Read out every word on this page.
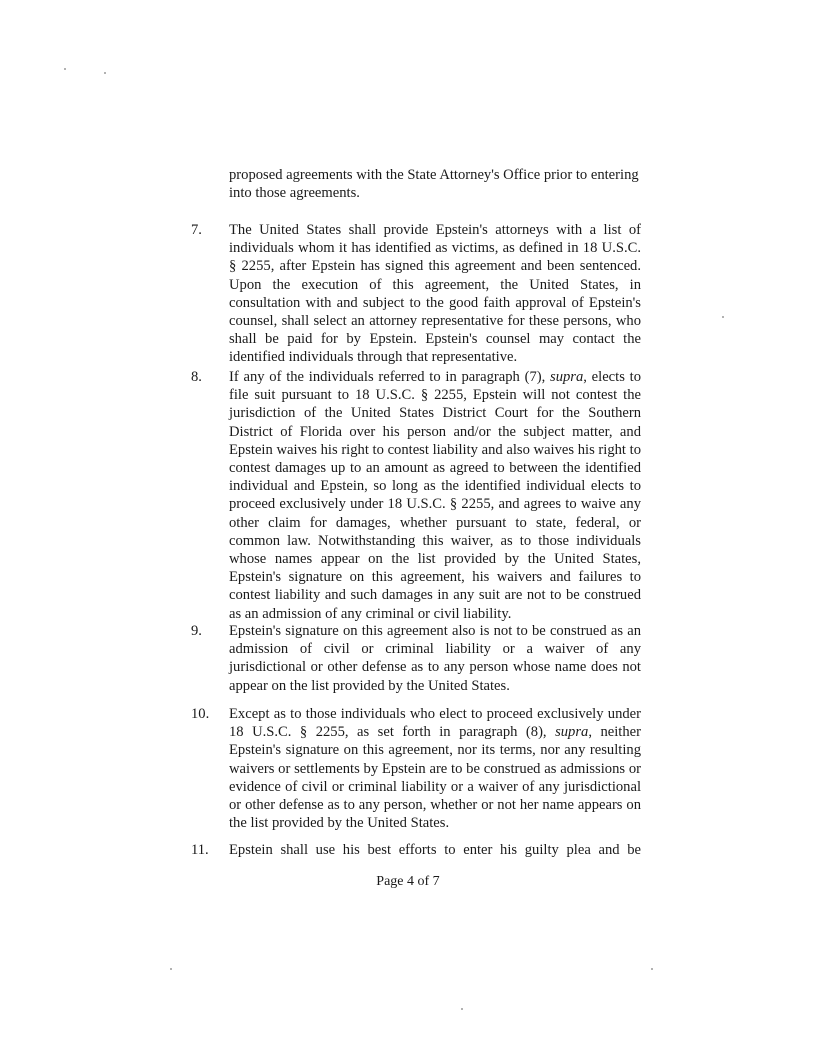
proposed agreements with the State Attorney's Office prior to entering into those agreements.
7. The United States shall provide Epstein's attorneys with a list of individuals whom it has identified as victims, as defined in 18 U.S.C. § 2255, after Epstein has signed this agreement and been sentenced. Upon the execution of this agreement, the United States, in consultation with and subject to the good faith approval of Epstein's counsel, shall select an attorney representative for these persons, who shall be paid for by Epstein. Epstein's counsel may contact the identified individuals through that representative.
8. If any of the individuals referred to in paragraph (7), supra, elects to file suit pursuant to 18 U.S.C. § 2255, Epstein will not contest the jurisdiction of the United States District Court for the Southern District of Florida over his person and/or the subject matter, and Epstein waives his right to contest liability and also waives his right to contest damages up to an amount as agreed to between the identified individual and Epstein, so long as the identified individual elects to proceed exclusively under 18 U.S.C. § 2255, and agrees to waive any other claim for damages, whether pursuant to state, federal, or common law. Notwithstanding this waiver, as to those individuals whose names appear on the list provided by the United States, Epstein's signature on this agreement, his waivers and failures to contest liability and such damages in any suit are not to be construed as an admission of any criminal or civil liability.
9. Epstein's signature on this agreement also is not to be construed as an admission of civil or criminal liability or a waiver of any jurisdictional or other defense as to any person whose name does not appear on the list provided by the United States.
10. Except as to those individuals who elect to proceed exclusively under 18 U.S.C. § 2255, as set forth in paragraph (8), supra, neither Epstein's signature on this agreement, nor its terms, nor any resulting waivers or settlements by Epstein are to be construed as admissions or evidence of civil or criminal liability or a waiver of any jurisdictional or other defense as to any person, whether or not her name appears on the list provided by the United States.
11. Epstein shall use his best efforts to enter his guilty plea and be
Page 4 of 7
